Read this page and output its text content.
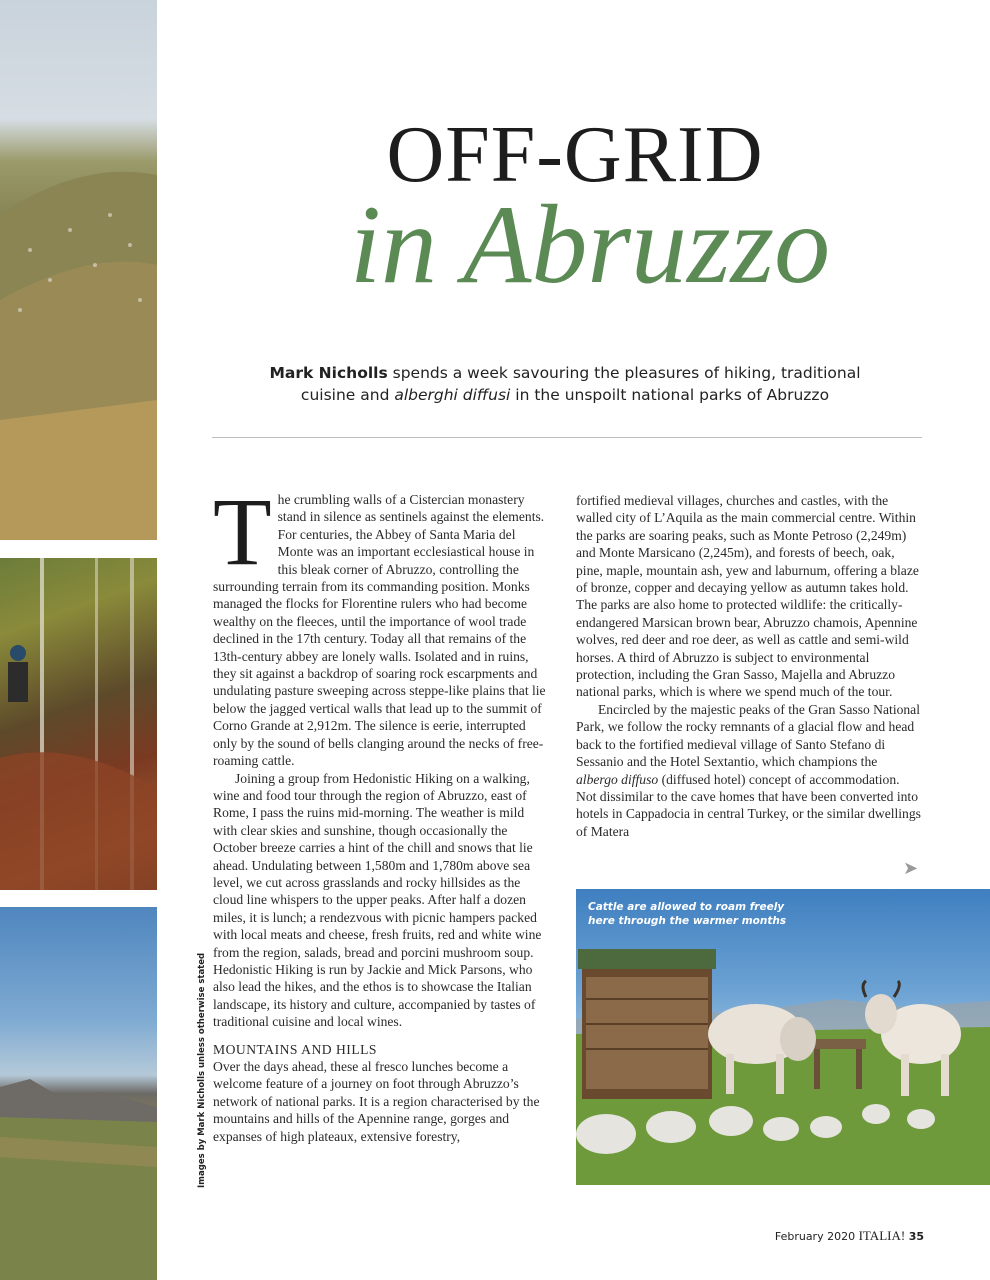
OFF-GRID
in Abruzzo
Mark Nicholls spends a week savouring the pleasures of hiking, traditional cuisine and alberghi diffusi in the unspoilt national parks of Abruzzo
Images by Mark Nicholls unless otherwise stated

The crumbling walls of a Cistercian monastery stand in silence as sentinels against the elements. For centuries, the Abbey of Santa Maria del Monte was an important ecclesiastical house in this bleak corner of Abruzzo, controlling the surrounding terrain from its commanding position. Monks managed the flocks for Florentine rulers who had become wealthy on the fleeces, until the importance of wool trade declined in the 17th century. Today all that remains of the 13th-century abbey are lonely walls. Isolated and in ruins, they sit against a backdrop of soaring rock escarpments and undulating pasture sweeping across steppe-like plains that lie below the jagged vertical walls that lead up to the summit of Corno Grande at 2,912m. The silence is eerie, interrupted only by the sound of bells clanging around the necks of free-roaming cattle.

Joining a group from Hedonistic Hiking on a walking, wine and food tour through the region of Abruzzo, east of Rome, I pass the ruins mid-morning. The weather is mild with clear skies and sunshine, though occasionally the October breeze carries a hint of the chill and snows that lie ahead. Undulating between 1,580m and 1,780m above sea level, we cut across grasslands and rocky hillsides as the cloud line whispers to the upper peaks. After half a dozen miles, it is lunch; a rendezvous with picnic hampers packed with local meats and cheese, fresh fruits, red and white wine from the region, salads, bread and porcini mushroom soup. Hedonistic Hiking is run by Jackie and Mick Parsons, who also lead the hikes, and the ethos is to showcase the Italian landscape, its history and culture, accompanied by tastes of traditional cuisine and local wines.

MOUNTAINS AND HILLS

Over the days ahead, these al fresco lunches become a welcome feature of a journey on foot through Abruzzo’s network of national parks. It is a region characterised by the mountains and hills of the Apennine range, gorges and expanses of high plateaux, extensive forestry,

fortified medieval villages, churches and castles, with the walled city of L’Aquila as the main commercial centre. Within the parks are soaring peaks, such as Monte Petroso (2,249m) and Monte Marsicano (2,245m), and forests of beech, oak, pine, maple, mountain ash, yew and laburnum, offering a blaze of bronze, copper and decaying yellow as autumn takes hold. The parks are also home to protected wildlife: the critically-endangered Marsican brown bear, Abruzzo chamois, Apennine wolves, red deer and roe deer, as well as cattle and semi-wild horses. A third of Abruzzo is subject to environmental protection, including the Gran Sasso, Majella and Abruzzo national parks, which is where we spend much of the tour.

Encircled by the majestic peaks of the Gran Sasso National Park, we follow the rocky remnants of a glacial flow and head back to the fortified medieval village of Santo Stefano di Sessanio and the Hotel Sextantio, which champions the albergo diffuso (diffused hotel) concept of accommodation. Not dissimilar to the cave homes that have been converted into hotels in Cappadocia in central Turkey, or the similar dwellings of Matera

➤
Cattle are allowed to roam freely here through the warmer months
February 2020 ITALIA! 35
